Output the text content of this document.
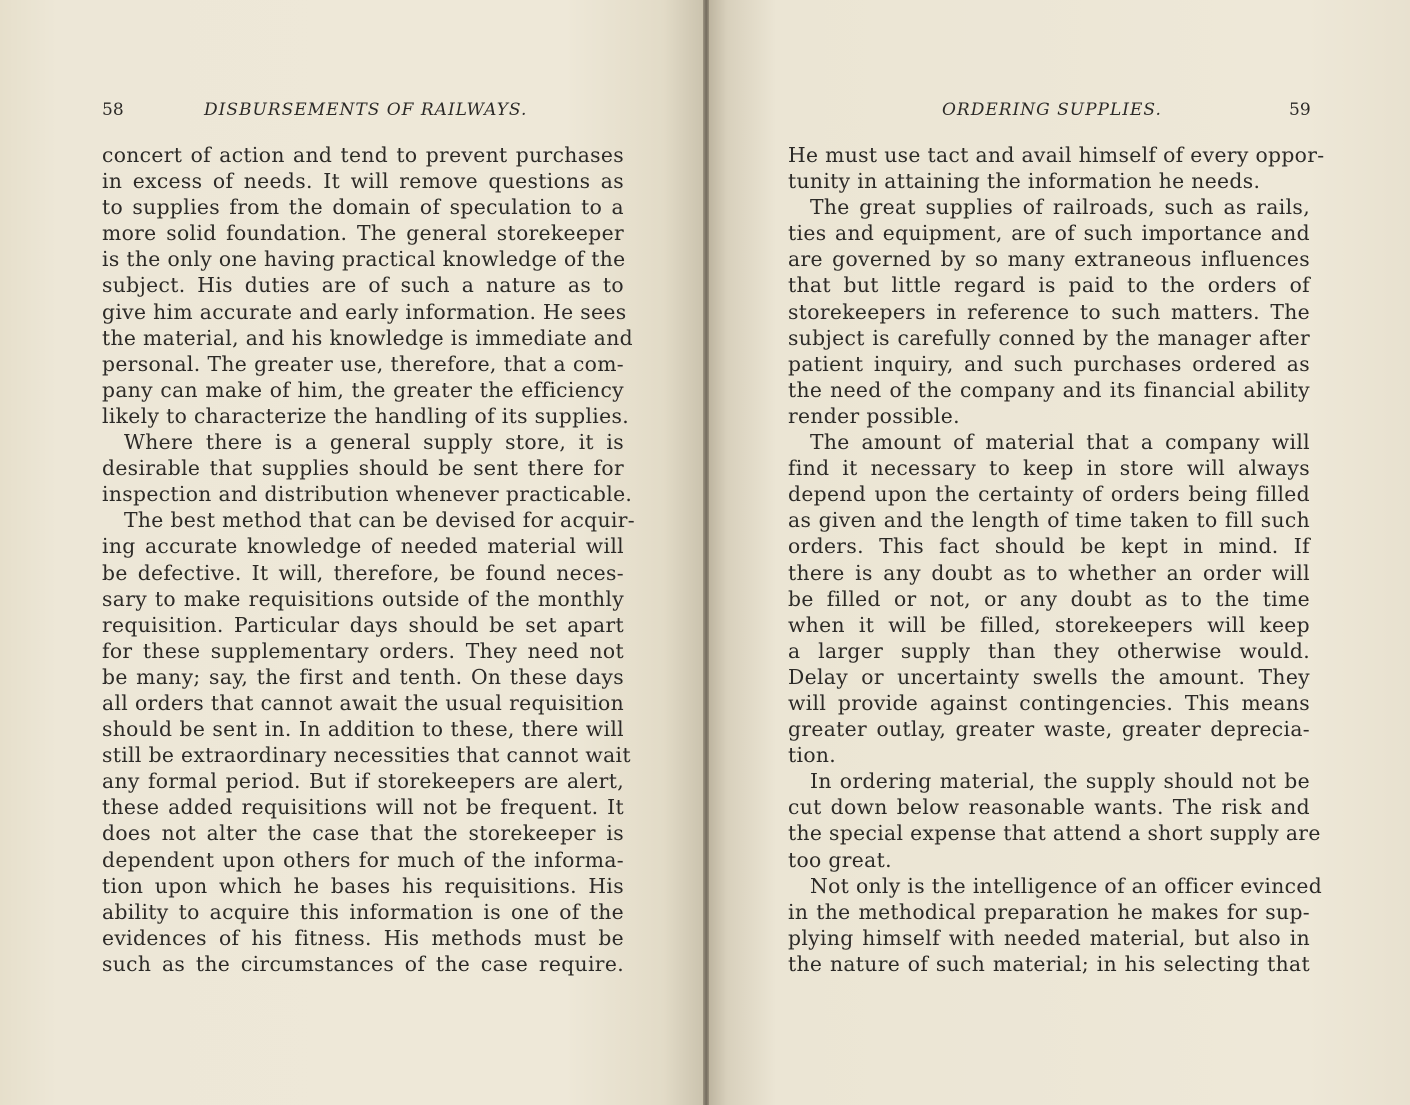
58	DISBURSEMENTS OF RAILWAYS.
concert of action and tend to prevent purchases
in excess of needs. It will remove questions as
to supplies from the domain of speculation to a
more solid foundation. The general storekeeper
is the only one having practical knowledge of the
subject. His duties are of such a nature as to
give him accurate and early information. He sees
the material, and his knowledge is immediate and
personal. The greater use, therefore, that a com-
pany can make of him, the greater the efficiency
likely to characterize the handling of its supplies.
Where there is a general supply store, it is
desirable that supplies should be sent there for
inspection and distribution whenever practicable.
The best method that can be devised for acquir-
ing accurate knowledge of needed material will
be defective. It will, therefore, be found neces-
sary to make requisitions outside of the monthly
requisition. Particular days should be set apart
for these supplementary orders. They need not
be many; say, the first and tenth. On these days
all orders that cannot await the usual requisition
should be sent in. In addition to these, there will
still be extraordinary necessities that cannot wait
any formal period. But if storekeepers are alert,
these added requisitions will not be frequent. It
does not alter the case that the storekeeper is
dependent upon others for much of the informa-
tion upon which he bases his requisitions. His
ability to acquire this information is one of the
evidences of his fitness. His methods must be
such as the circumstances of the case require.
ORDERING SUPPLIES.	59
He must use tact and avail himself of every oppor-
tunity in attaining the information he needs.
The great supplies of railroads, such as rails,
ties and equipment, are of such importance and
are governed by so many extraneous influences
that but little regard is paid to the orders of
storekeepers in reference to such matters. The
subject is carefully conned by the manager after
patient inquiry, and such purchases ordered as
the need of the company and its financial ability
render possible.
The amount of material that a company will
find it necessary to keep in store will always
depend upon the certainty of orders being filled
as given and the length of time taken to fill such
orders. This fact should be kept in mind. If
there is any doubt as to whether an order will
be filled or not, or any doubt as to the time
when it will be filled, storekeepers will keep
a larger supply than they otherwise would.
Delay or uncertainty swells the amount. They
will provide against contingencies. This means
greater outlay, greater waste, greater deprecia-
tion.
In ordering material, the supply should not be
cut down below reasonable wants. The risk and
the special expense that attend a short supply are
too great.
Not only is the intelligence of an officer evinced
in the methodical preparation he makes for sup-
plying himself with needed material, but also in
the nature of such material; in his selecting that
